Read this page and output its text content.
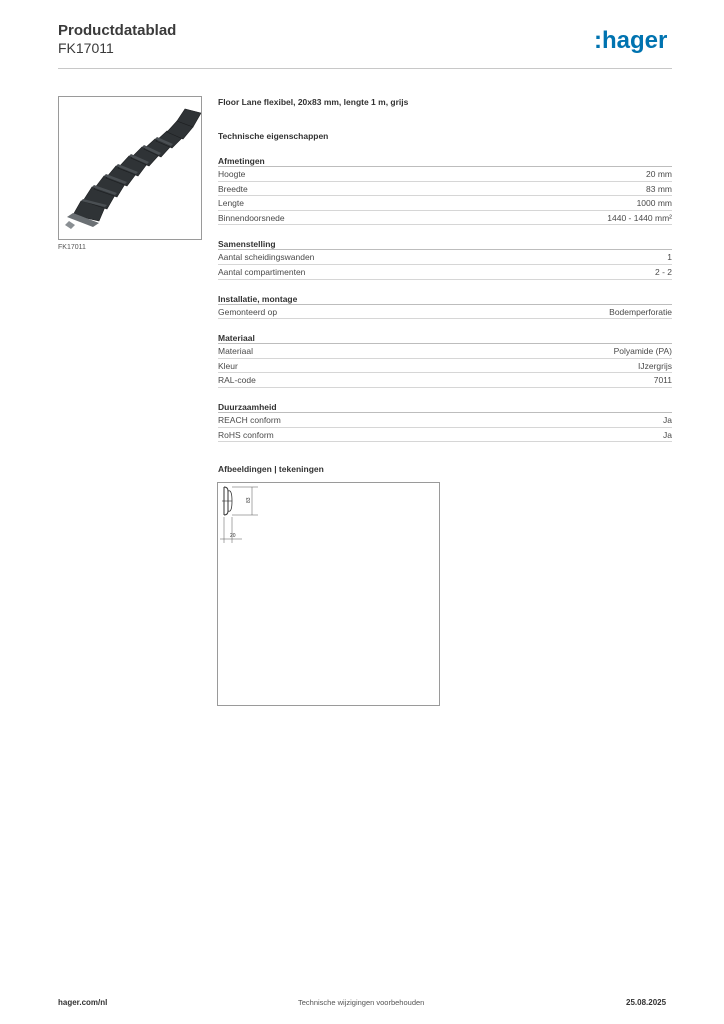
Productdatablad
FK17011	:hager
FK17011
Floor Lane flexibel, 20x83 mm, lengte 1 m, grijs
Technische eigenschappen
Afmetingen
Hoogte	20 mm
Breedte	83 mm
Lengte	1000 mm
Binnendoorsnede	1440 - 1440 mm²
Samenstelling
Aantal scheidingswanden	1
Aantal compartimenten	2 - 2
Installatie, montage
Gemonteerd op	Bodemperforatie
Materiaal
Materiaal	Polyamide (PA)
Kleur	IJzergrijs
RAL-code	7011
Duurzaamheid
REACH conform	Ja
RoHS conform	Ja
Afbeeldingen | tekeningen
83
20
hager.com/nl	Technische wijzigingen voorbehouden	25.08.2025
